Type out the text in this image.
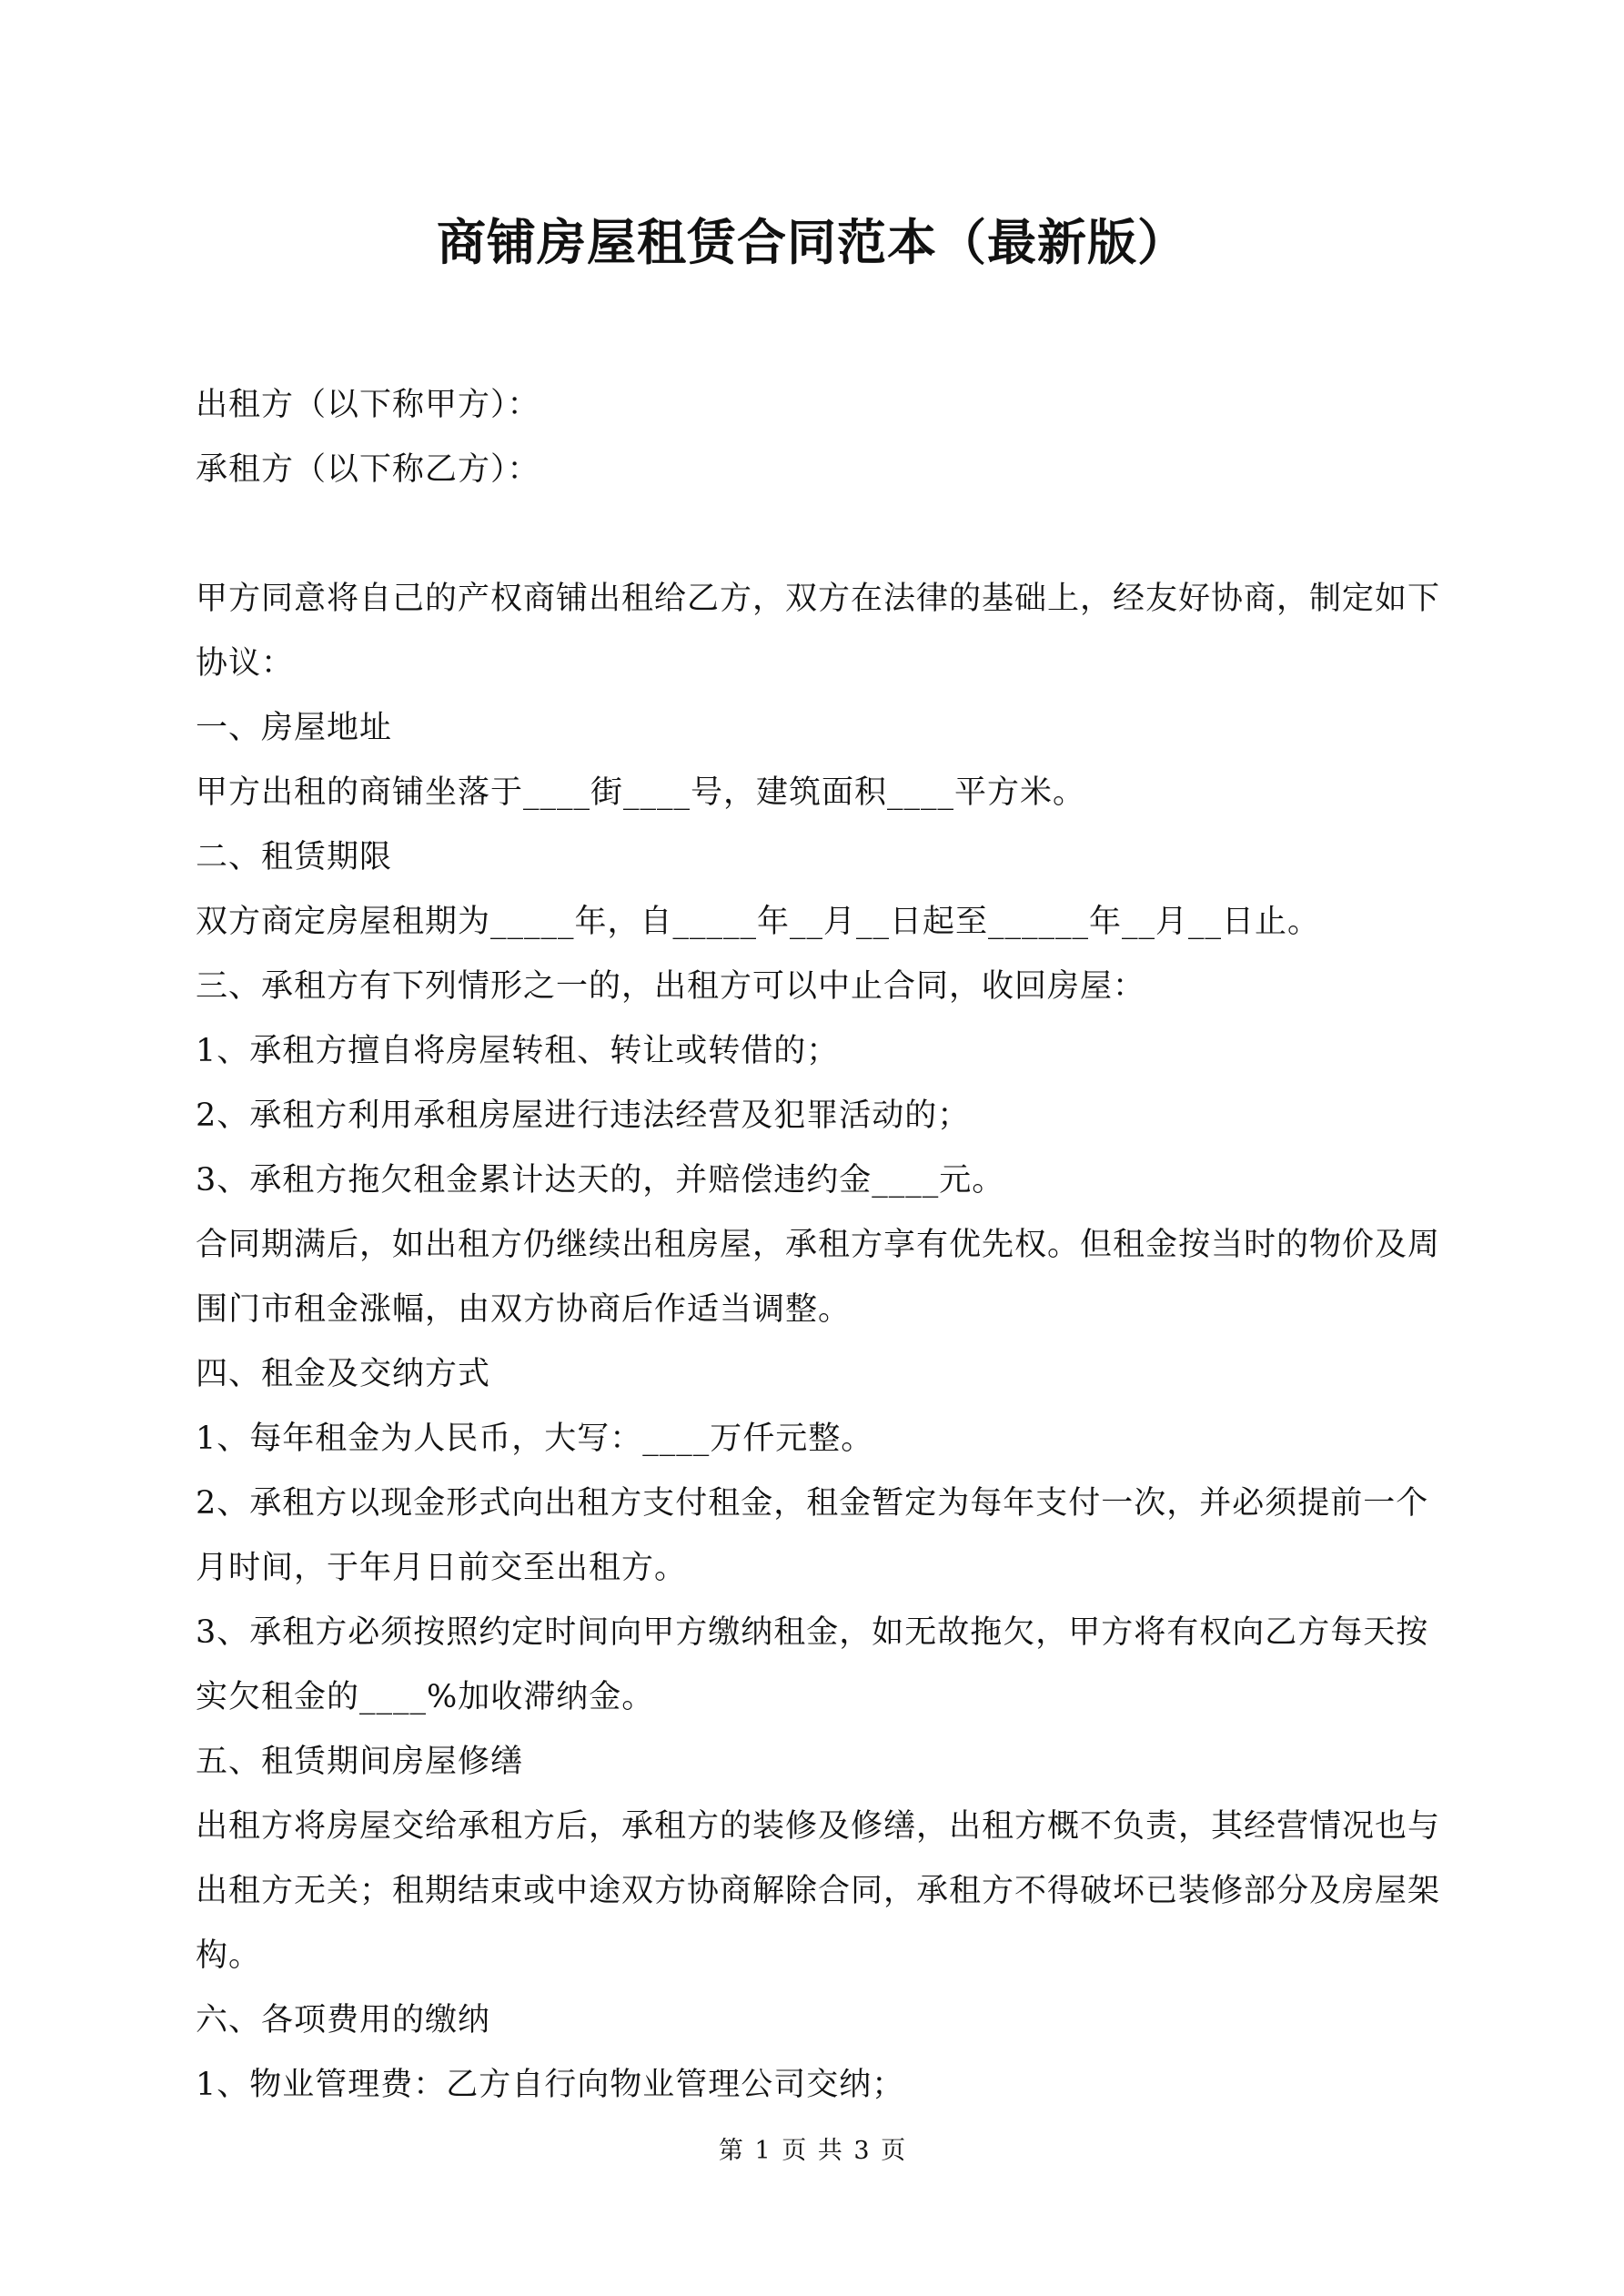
商铺房屋租赁合同范本（最新版）
出租方（以下称甲方）：
承租方（以下称乙方）：
甲方同意将自己的产权商铺出租给乙方，双方在法律的基础上，经友好协商，制定如下
协议：
一、房屋地址
甲方出租的商铺坐落于____街____号，建筑面积____平方米。
二、租赁期限
双方商定房屋租期为_____年，自_____年__月__日起至______年__月__日止。
三、承租方有下列情形之一的，出租方可以中止合同，收回房屋：
1、承租方擅自将房屋转租、转让或转借的；
2、承租方利用承租房屋进行违法经营及犯罪活动的；
3、承租方拖欠租金累计达天的，并赔偿违约金____元。
合同期满后，如出租方仍继续出租房屋，承租方享有优先权。但租金按当时的物价及周
围门市租金涨幅，由双方协商后作适当调整。
四、租金及交纳方式
1、每年租金为人民币，大写：____万仟元整。
2、承租方以现金形式向出租方支付租金，租金暂定为每年支付一次，并必须提前一个
月时间，于年月日前交至出租方。
3、承租方必须按照约定时间向甲方缴纳租金，如无故拖欠，甲方将有权向乙方每天按
实欠租金的____%加收滞纳金。
五、租赁期间房屋修缮
出租方将房屋交给承租方后，承租方的装修及修缮，出租方概不负责，其经营情况也与
出租方无关；租期结束或中途双方协商解除合同，承租方不得破坏已装修部分及房屋架
构。
六、各项费用的缴纳
1、物业管理费：乙方自行向物业管理公司交纳；
第 1 页 共 3 页
